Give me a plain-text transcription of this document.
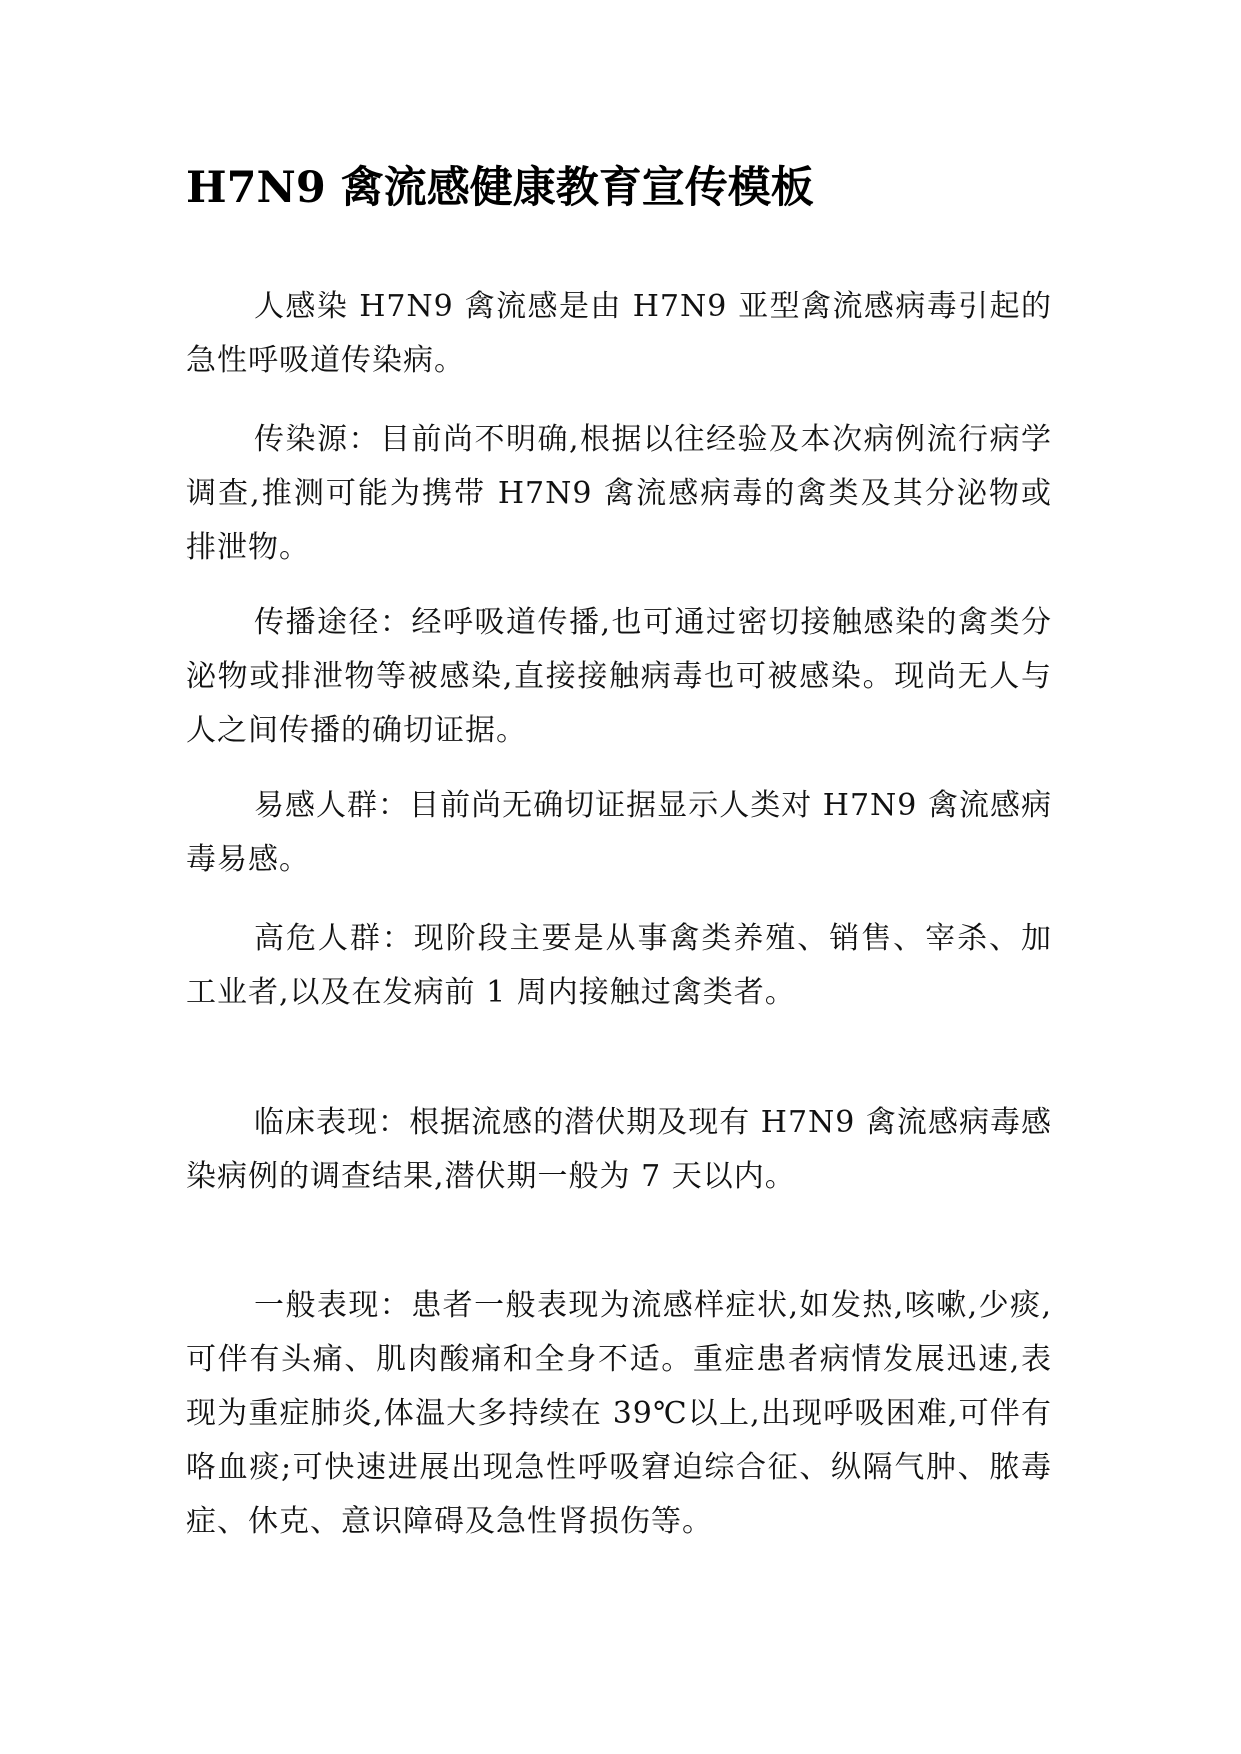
H7N9 禽流感健康教育宣传模板

人感染 H7N9 禽流感是由 H7N9 亚型禽流感病毒引起的急性呼吸道传染病。

传染源：目前尚不明确,根据以往经验及本次病例流行病学调查,推测可能为携带 H7N9 禽流感病毒的禽类及其分泌物或排泄物。

传播途径：经呼吸道传播,也可通过密切接触感染的禽类分泌物或排泄物等被感染,直接接触病毒也可被感染。现尚无人与人之间传播的确切证据。

易感人群：目前尚无确切证据显示人类对 H7N9 禽流感病毒易感。

高危人群：现阶段主要是从事禽类养殖、销售、宰杀、加工业者,以及在发病前 1 周内接触过禽类者。

临床表现：根据流感的潜伏期及现有 H7N9 禽流感病毒感染病例的调查结果,潜伏期一般为 7 天以内。

一般表现：患者一般表现为流感样症状,如发热,咳嗽,少痰,可伴有头痛、肌肉酸痛和全身不适。重症患者病情发展迅速,表现为重症肺炎,体温大多持续在 39℃以上,出现呼吸困难,可伴有咯血痰;可快速进展出现急性呼吸窘迫综合征、纵隔气肿、脓毒症、休克、意识障碍及急性肾损伤等。
